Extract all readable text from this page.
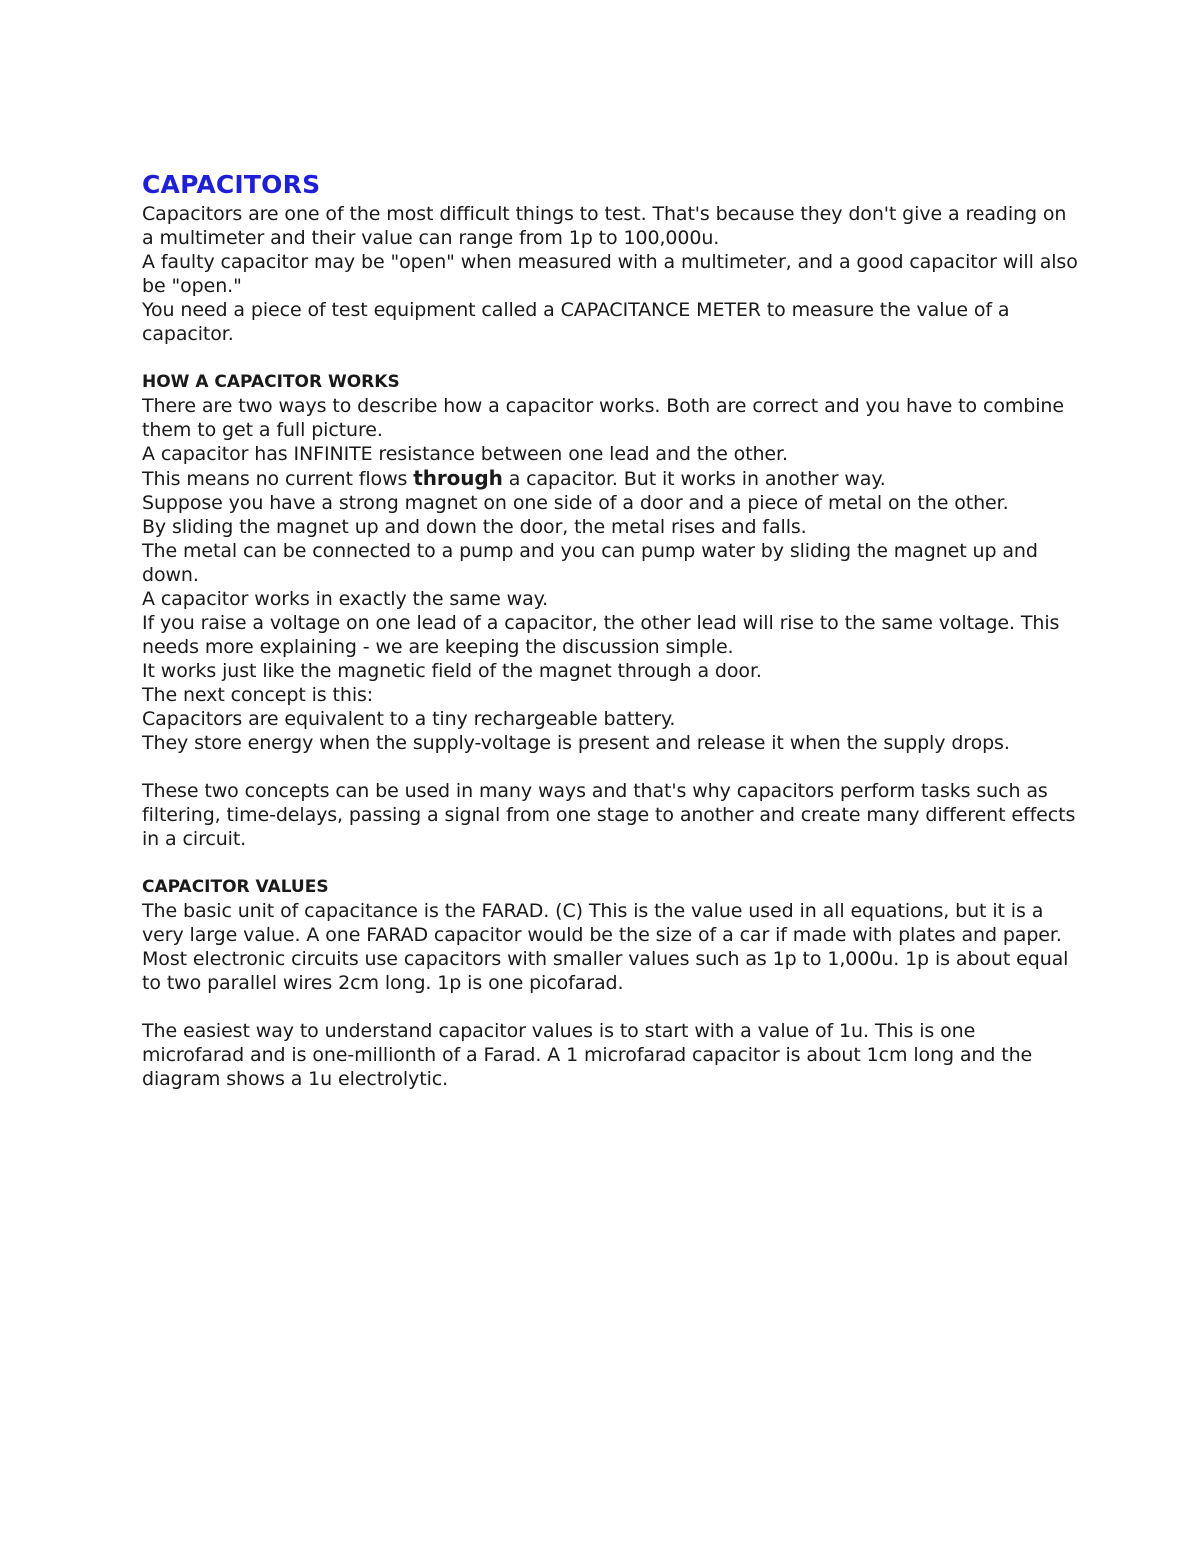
CAPACITORS

Capacitors are one of the most difficult things to test. That's because they don't give a reading on a multimeter and their value can range from 1p to 100,000u.

A faulty capacitor may be "open" when measured with a multimeter, and a good capacitor will also be "open."

You need a piece of test equipment called a CAPACITANCE METER to measure the value of a capacitor.

HOW A CAPACITOR WORKS

There are two ways to describe how a capacitor works. Both are correct and you have to combine them to get a full picture.

A capacitor has INFINITE resistance between one lead and the other.

This means no current flows through a capacitor. But it works in another way.

Suppose you have a strong magnet on one side of a door and a piece of metal on the other.

By sliding the magnet up and down the door, the metal rises and falls.

The metal can be connected to a pump and you can pump water by sliding the magnet up and down.

A capacitor works in exactly the same way.

If you raise a voltage on one lead of a capacitor, the other lead will rise to the same voltage. This needs more explaining - we are keeping the discussion simple.

It works just like the magnetic field of the magnet through a door.

The next concept is this:

Capacitors are equivalent to a tiny rechargeable battery.

They store energy when the supply-voltage is present and release it when the supply drops.

These two concepts can be used in many ways and that's why capacitors perform tasks such as filtering, time-delays, passing a signal from one stage to another and create many different effects in a circuit.

CAPACITOR VALUES

The basic unit of capacitance is the FARAD. (C) This is the value used in all equations, but it is a very large value. A one FARAD capacitor would be the size of a car if made with plates and paper. Most electronic circuits use capacitors with smaller values such as 1p to 1,000u. 1p is about equal to two parallel wires 2cm long. 1p is one picofarad.

The easiest way to understand capacitor values is to start with a value of 1u. This is one microfarad and is one-millionth of a Farad. A 1 microfarad capacitor is about 1cm long and the diagram shows a 1u electrolytic.
